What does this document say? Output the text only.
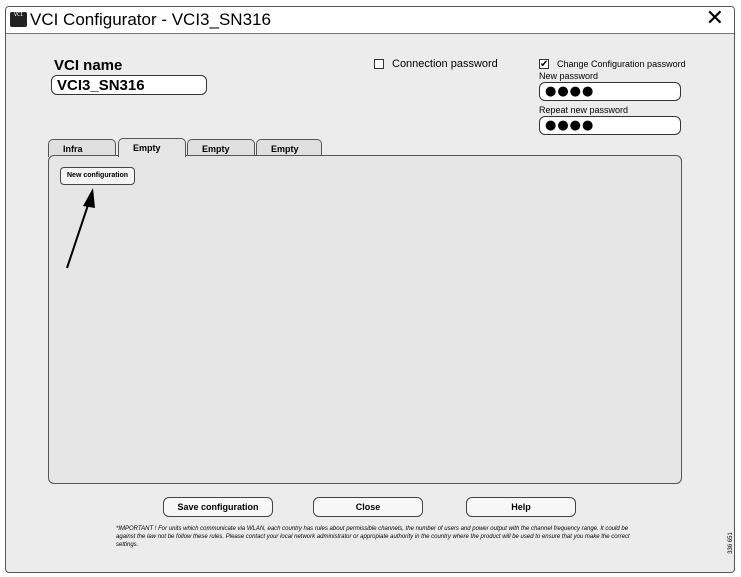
VCI VCI Configurator - VCI3_SN316	✕
VCI name
VCI3_SN316
Connection password	✔ Change Configuration password
New password
●●●●
Repeat new password
●●●●
Infra	Empty	Empty	Empty
New configuration
Save configuration	Close	Help
*IMPORTANT ! For units which communicate via WLAN, each country has rules about permissible channels, the number of users and power output with the channel frequency range. It could be against the law not be follow these rules. Please contact your local network administrator or appropiate authority in the country where the product will be used to ensure that you make the correct settings.	336 651
